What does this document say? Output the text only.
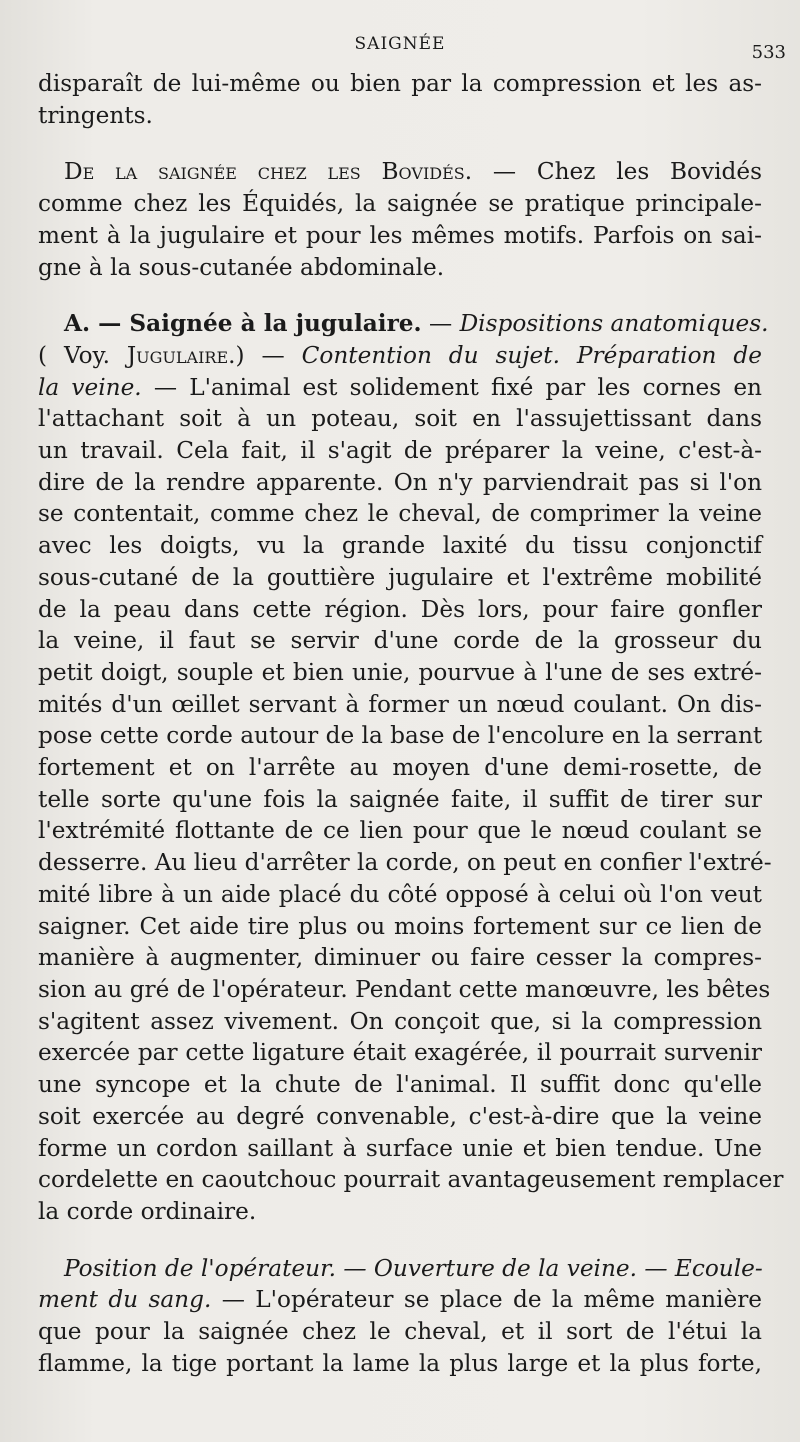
SAIGNÉE	533
disparaît de lui-même ou bien par la compression et les as-
tringents.
De la saignée chez les Bovidés. — Chez les Bovidés
comme chez les Équidés, la saignée se pratique principale-
ment à la jugulaire et pour les mêmes motifs. Parfois on sai-
gne à la sous-cutanée abdominale.
A. — Saignée à la jugulaire. — Dispositions anatomiques.
( Voy. Jugulaire.) — Contention du sujet. Préparation de
la veine. — L'animal est solidement fixé par les cornes en
l'attachant soit à un poteau, soit en l'assujettissant dans
un travail. Cela fait, il s'agit de préparer la veine, c'est-à-
dire de la rendre apparente. On n'y parviendrait pas si l'on
se contentait, comme chez le cheval, de comprimer la veine
avec les doigts, vu la grande laxité du tissu conjonctif
sous-cutané de la gouttière jugulaire et l'extrême mobilité
de la peau dans cette région. Dès lors, pour faire gonfler
la veine, il faut se servir d'une corde de la grosseur du
petit doigt, souple et bien unie, pourvue à l'une de ses extré-
mités d'un œillet servant à former un nœud coulant. On dis-
pose cette corde autour de la base de l'encolure en la serrant
fortement et on l'arrête au moyen d'une demi-rosette, de
telle sorte qu'une fois la saignée faite, il suffit de tirer sur
l'extrémité flottante de ce lien pour que le nœud coulant se
desserre. Au lieu d'arrêter la corde, on peut en confier l'extré-
mité libre à un aide placé du côté opposé à celui où l'on veut
saigner. Cet aide tire plus ou moins fortement sur ce lien de
manière à augmenter, diminuer ou faire cesser la compres-
sion au gré de l'opérateur. Pendant cette manœuvre, les bêtes
s'agitent assez vivement. On conçoit que, si la compression
exercée par cette ligature était exagérée, il pourrait survenir
une syncope et la chute de l'animal. Il suffit donc qu'elle
soit exercée au degré convenable, c'est-à-dire que la veine
forme un cordon saillant à surface unie et bien tendue. Une
cordelette en caoutchouc pourrait avantageusement remplacer
la corde ordinaire.
Position de l'opérateur. — Ouverture de la veine. — Ecoule-
ment du sang. — L'opérateur se place de la même manière
que pour la saignée chez le cheval, et il sort de l'étui la
flamme, la tige portant la lame la plus large et la plus forte,
